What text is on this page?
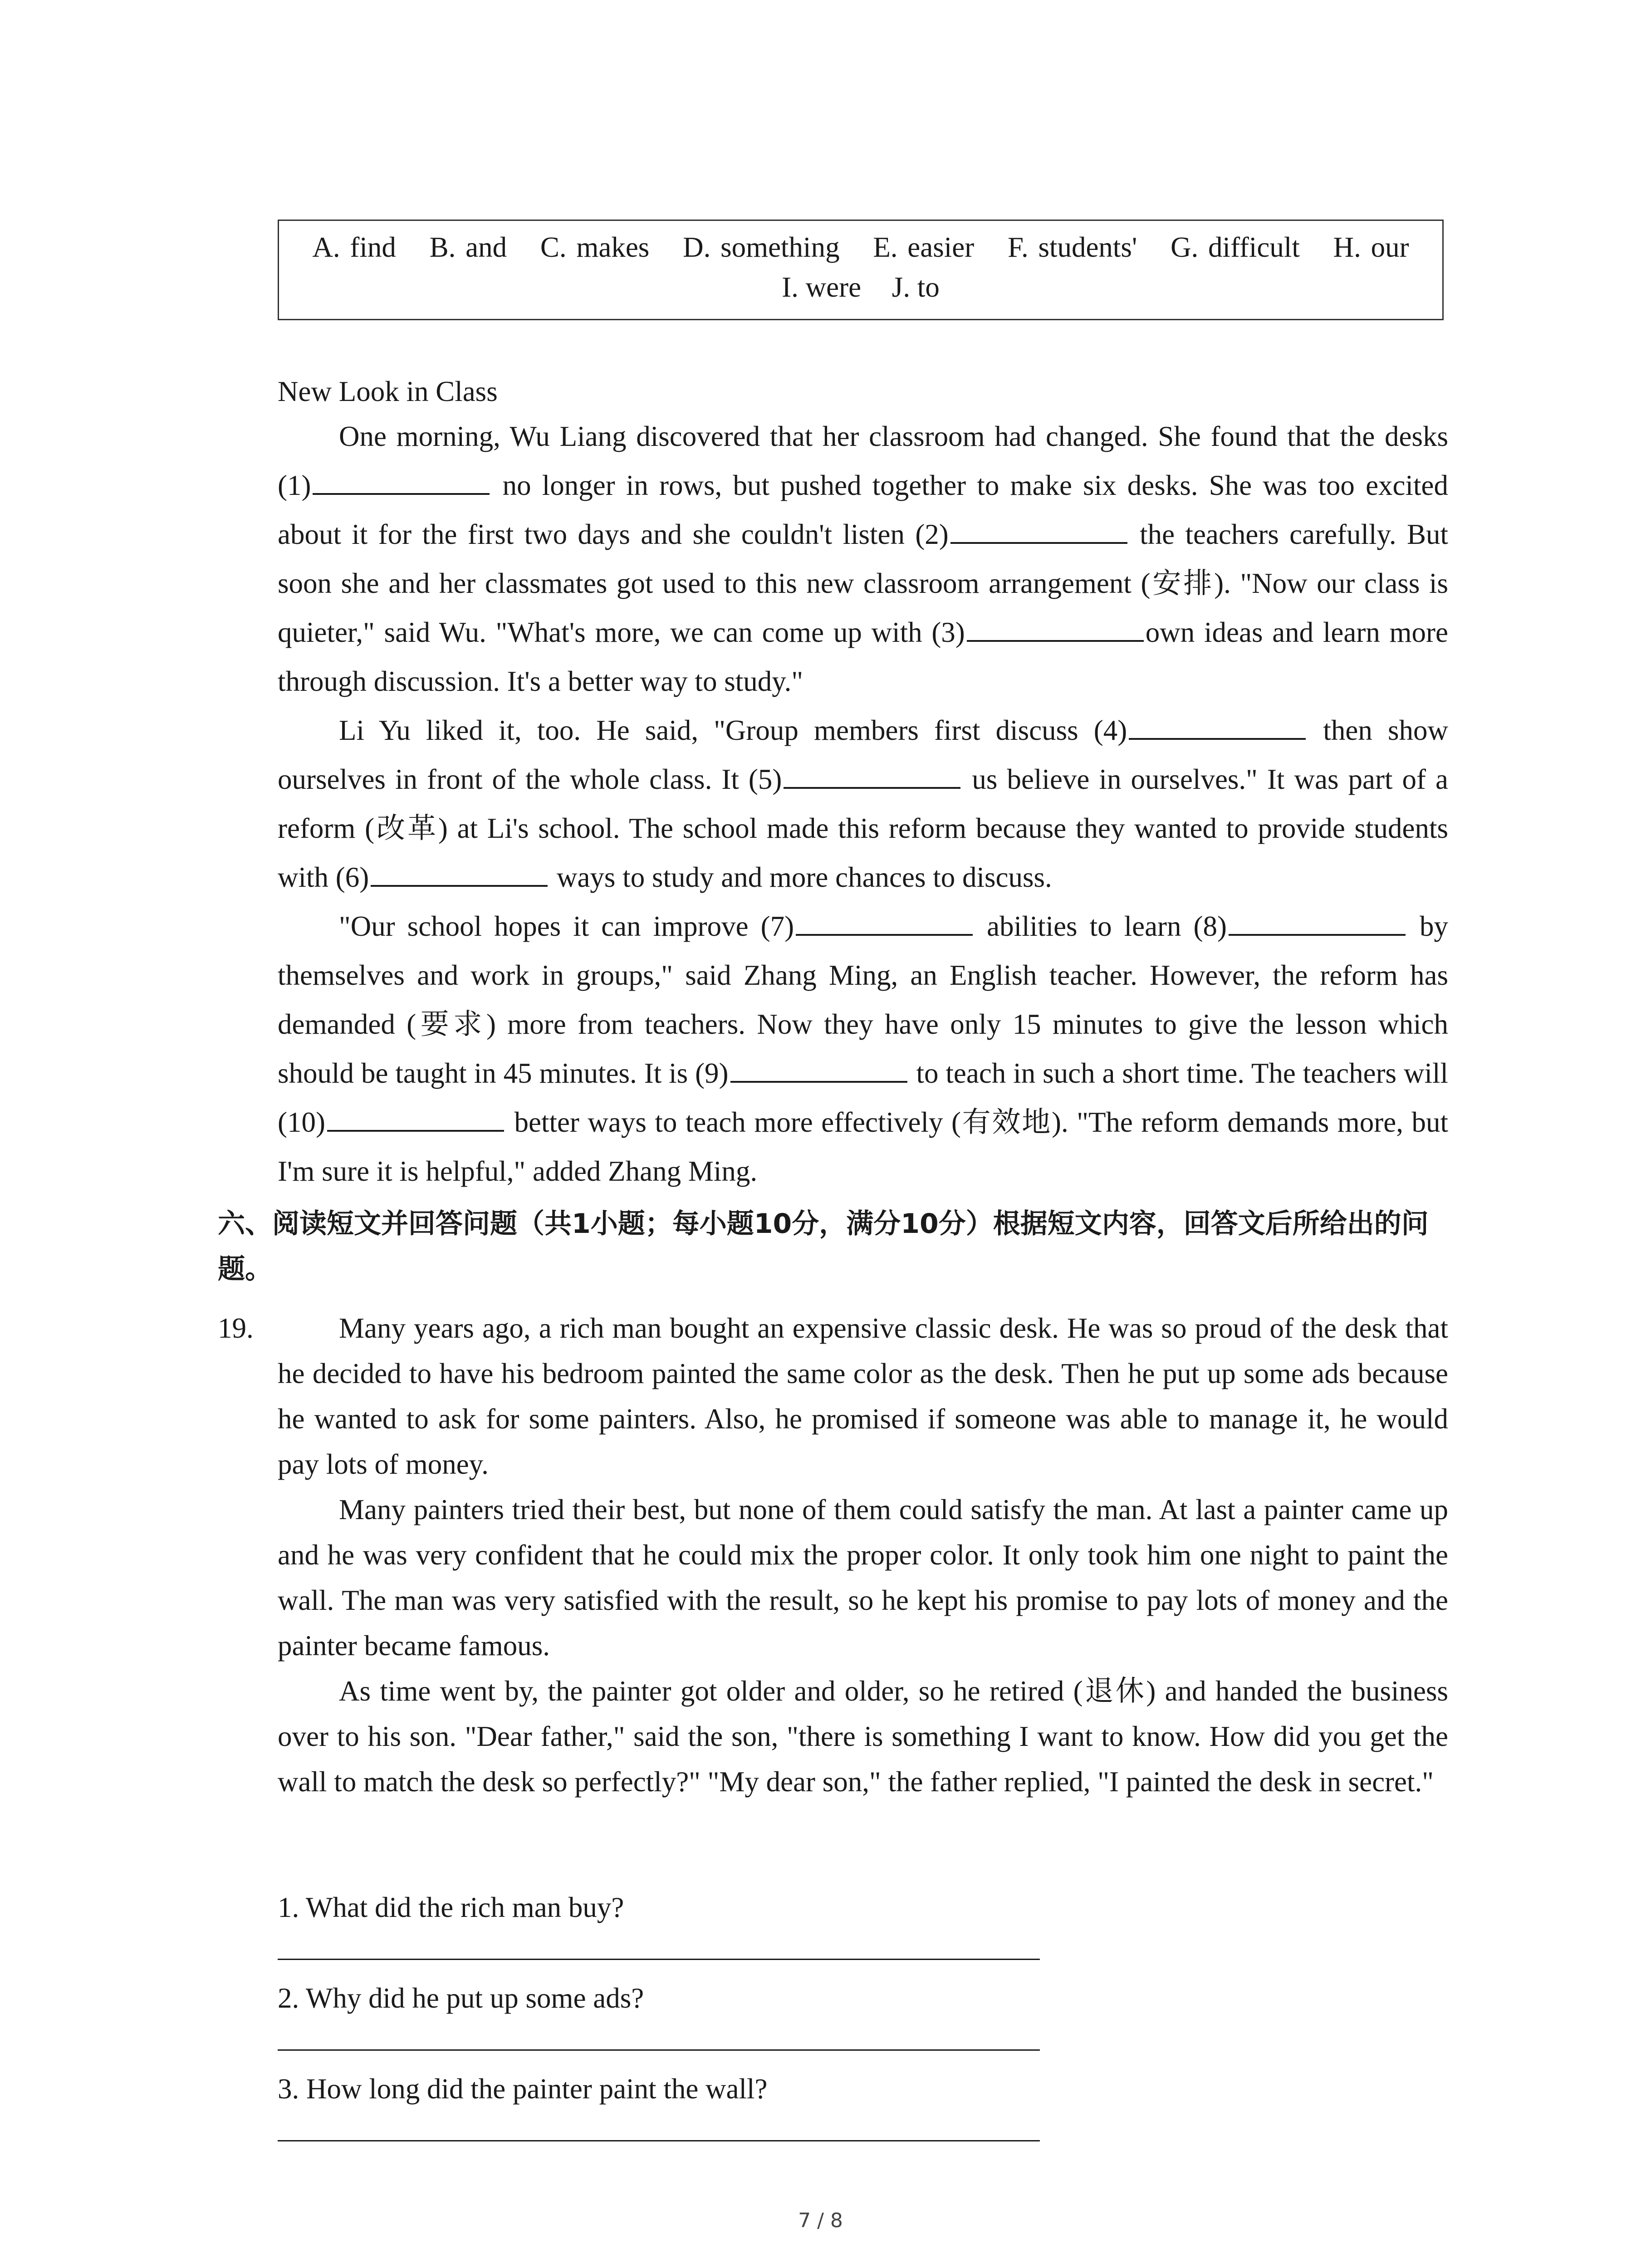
A. find B. and C. makes D. something E. easier F. students' G. difficult H. our
I. were J. to
New Look in Class

One morning, Wu Liang discovered that her classroom had changed. She found that the desks (1)	no longer in rows, but pushed together to make six desks. She was too excited about it for the first two days and she couldn't listen (2)	the teachers carefully. But soon she and her classmates got used to this new classroom arrangement (安排). "Now our class is quieter," said Wu. "What's more, we can come up with (3)	own ideas and learn more through discussion. It's a better way to study."

Li Yu liked it, too. He said, "Group members first discuss (4)	then show ourselves in front of the whole class. It (5)	us believe in ourselves." It was part of a reform (改革) at Li's school. The school made this reform because they wanted to provide students with (6)	ways to study and more chances to discuss.

"Our school hopes it can improve (7)	abilities to learn (8)	by themselves and work in groups," said Zhang Ming, an English teacher. However, the reform has demanded (要求) more from teachers. Now they have only 15 minutes to give the lesson which should be taught in 45 minutes. It is (9)	to teach in such a short time. The teachers will (10)	better ways to teach more effectively (有效地). "The reform demands more, but I'm sure it is helpful," added Zhang Ming.

六、阅读短文并回答问题（共1小题；每小题10分，满分10分）根据短文内容，回答文后所给出的问题。
19.	Many years ago, a rich man bought an expensive classic desk. He was so proud of the desk that he decided to have his bedroom painted the same color as the desk. Then he put up some ads because he wanted to ask for some painters. Also, he promised if someone was able to manage it, he would pay lots of money.

Many painters tried their best, but none of them could satisfy the man. At last a painter came up and he was very confident that he could mix the proper color. It only took him one night to paint the wall. The man was very satisfied with the result, so he kept his promise to pay lots of money and the painter became famous.

As time went by, the painter got older and older, so he retired (退休) and handed the business over to his son. "Dear father," said the son, "there is something I want to know. How did you get the wall to match the desk so perfectly?" "My dear son," the father replied, "I painted the desk in secret."

1. What did the rich man buy?
2. Why did he put up some ads?
3. How long did the painter paint the wall?
7 / 8
